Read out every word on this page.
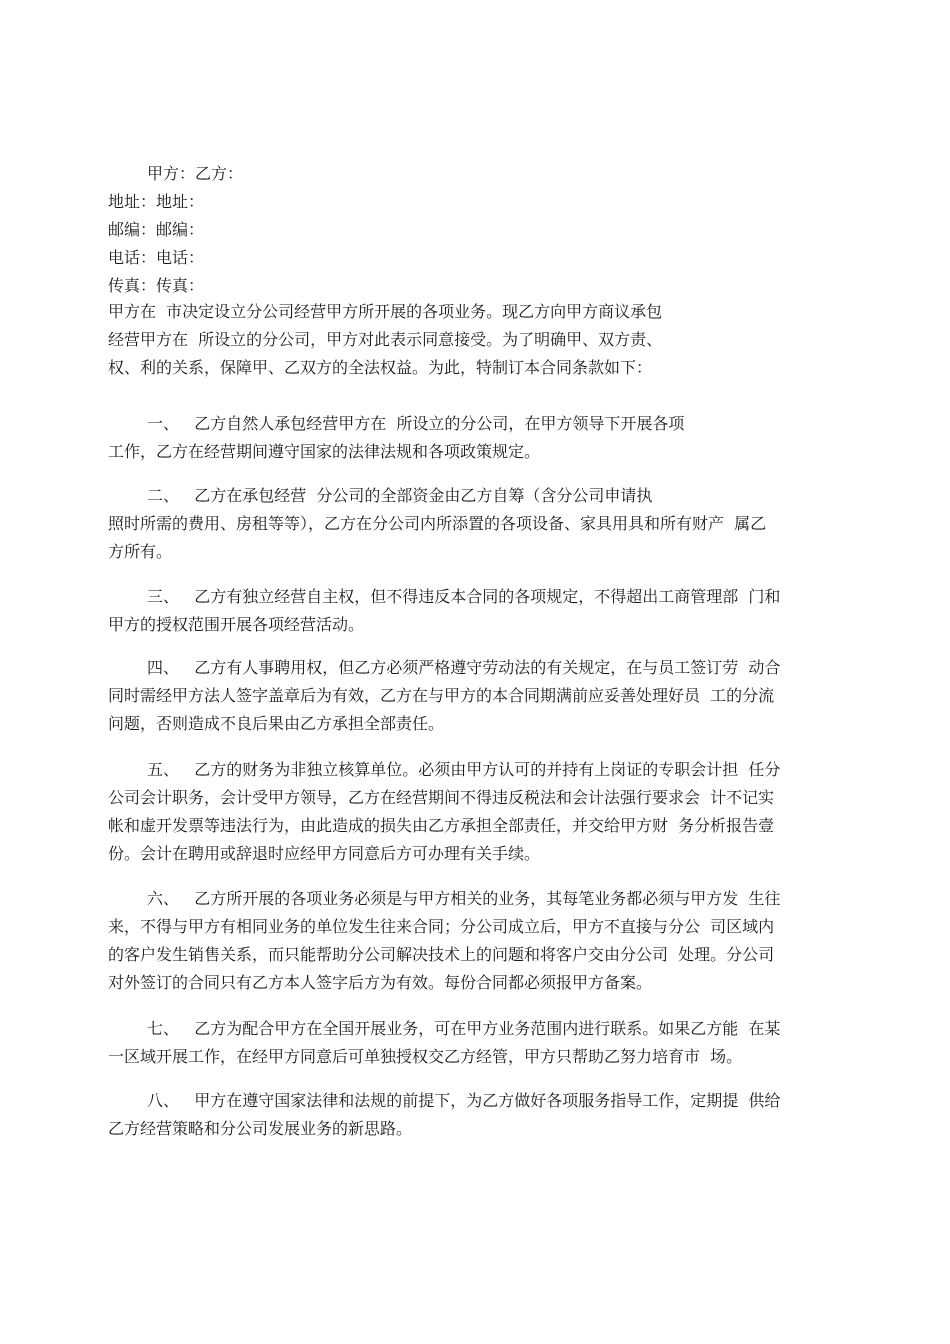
甲方：乙方：
地址：地址：
邮编：邮编：
电话：电话：
传真：传真：
甲方在  市决定设立分公司经营甲方所开展的各项业务。现乙方向甲方商议承包
经营甲方在  所设立的分公司，甲方对此表示同意接受。为了明确甲、双方责、
权、利的关系，保障甲、乙双方的全法权益。为此，特制订本合同条款如下：
一、   乙方自然人承包经营甲方在  所设立的分公司，在甲方领导下开展各项
工作，乙方在经营期间遵守国家的法律法规和各项政策规定。
二、   乙方在承包经营  分公司的全部资金由乙方自筹（含分公司申请执
照时所需的费用、房租等等），乙方在分公司内所添置的各项设备、家具用具和所有财产  属乙
方所有。
三、   乙方有独立经营自主权，但不得违反本合同的各项规定，不得超出工商管理部  门和
甲方的授权范围开展各项经营活动。
四、   乙方有人事聘用权，但乙方必须严格遵守劳动法的有关规定，在与员工签订劳  动合
同时需经甲方法人签字盖章后为有效，乙方在与甲方的本合同期满前应妥善处理好员  工的分流
问题，否则造成不良后果由乙方承担全部责任。
五、   乙方的财务为非独立核算单位。必须由甲方认可的并持有上岗证的专职会计担  任分
公司会计职务，会计受甲方领导，乙方在经营期间不得违反税法和会计法强行要求会  计不记实
帐和虚开发票等违法行为，由此造成的损失由乙方承担全部责任，并交给甲方财  务分析报告壹
份。会计在聘用或辞退时应经甲方同意后方可办理有关手续。
六、   乙方所开展的各项业务必须是与甲方相关的业务，其每笔业务都必须与甲方发  生往
来，不得与甲方有相同业务的单位发生往来合同；分公司成立后，甲方不直接与分公  司区域内
的客户发生销售关系，而只能帮助分公司解决技术上的问题和将客户交由分公司  处理。分公司
对外签订的合同只有乙方本人签字后方为有效。每份合同都必须报甲方备案。
七、   乙方为配合甲方在全国开展业务，可在甲方业务范围内进行联系。如果乙方能  在某
一区域开展工作，在经甲方同意后可单独授权交乙方经管，甲方只帮助乙努力培育市  场。
八、   甲方在遵守国家法律和法规的前提下，为乙方做好各项服务指导工作，定期提  供给
乙方经营策略和分公司发展业务的新思路。
